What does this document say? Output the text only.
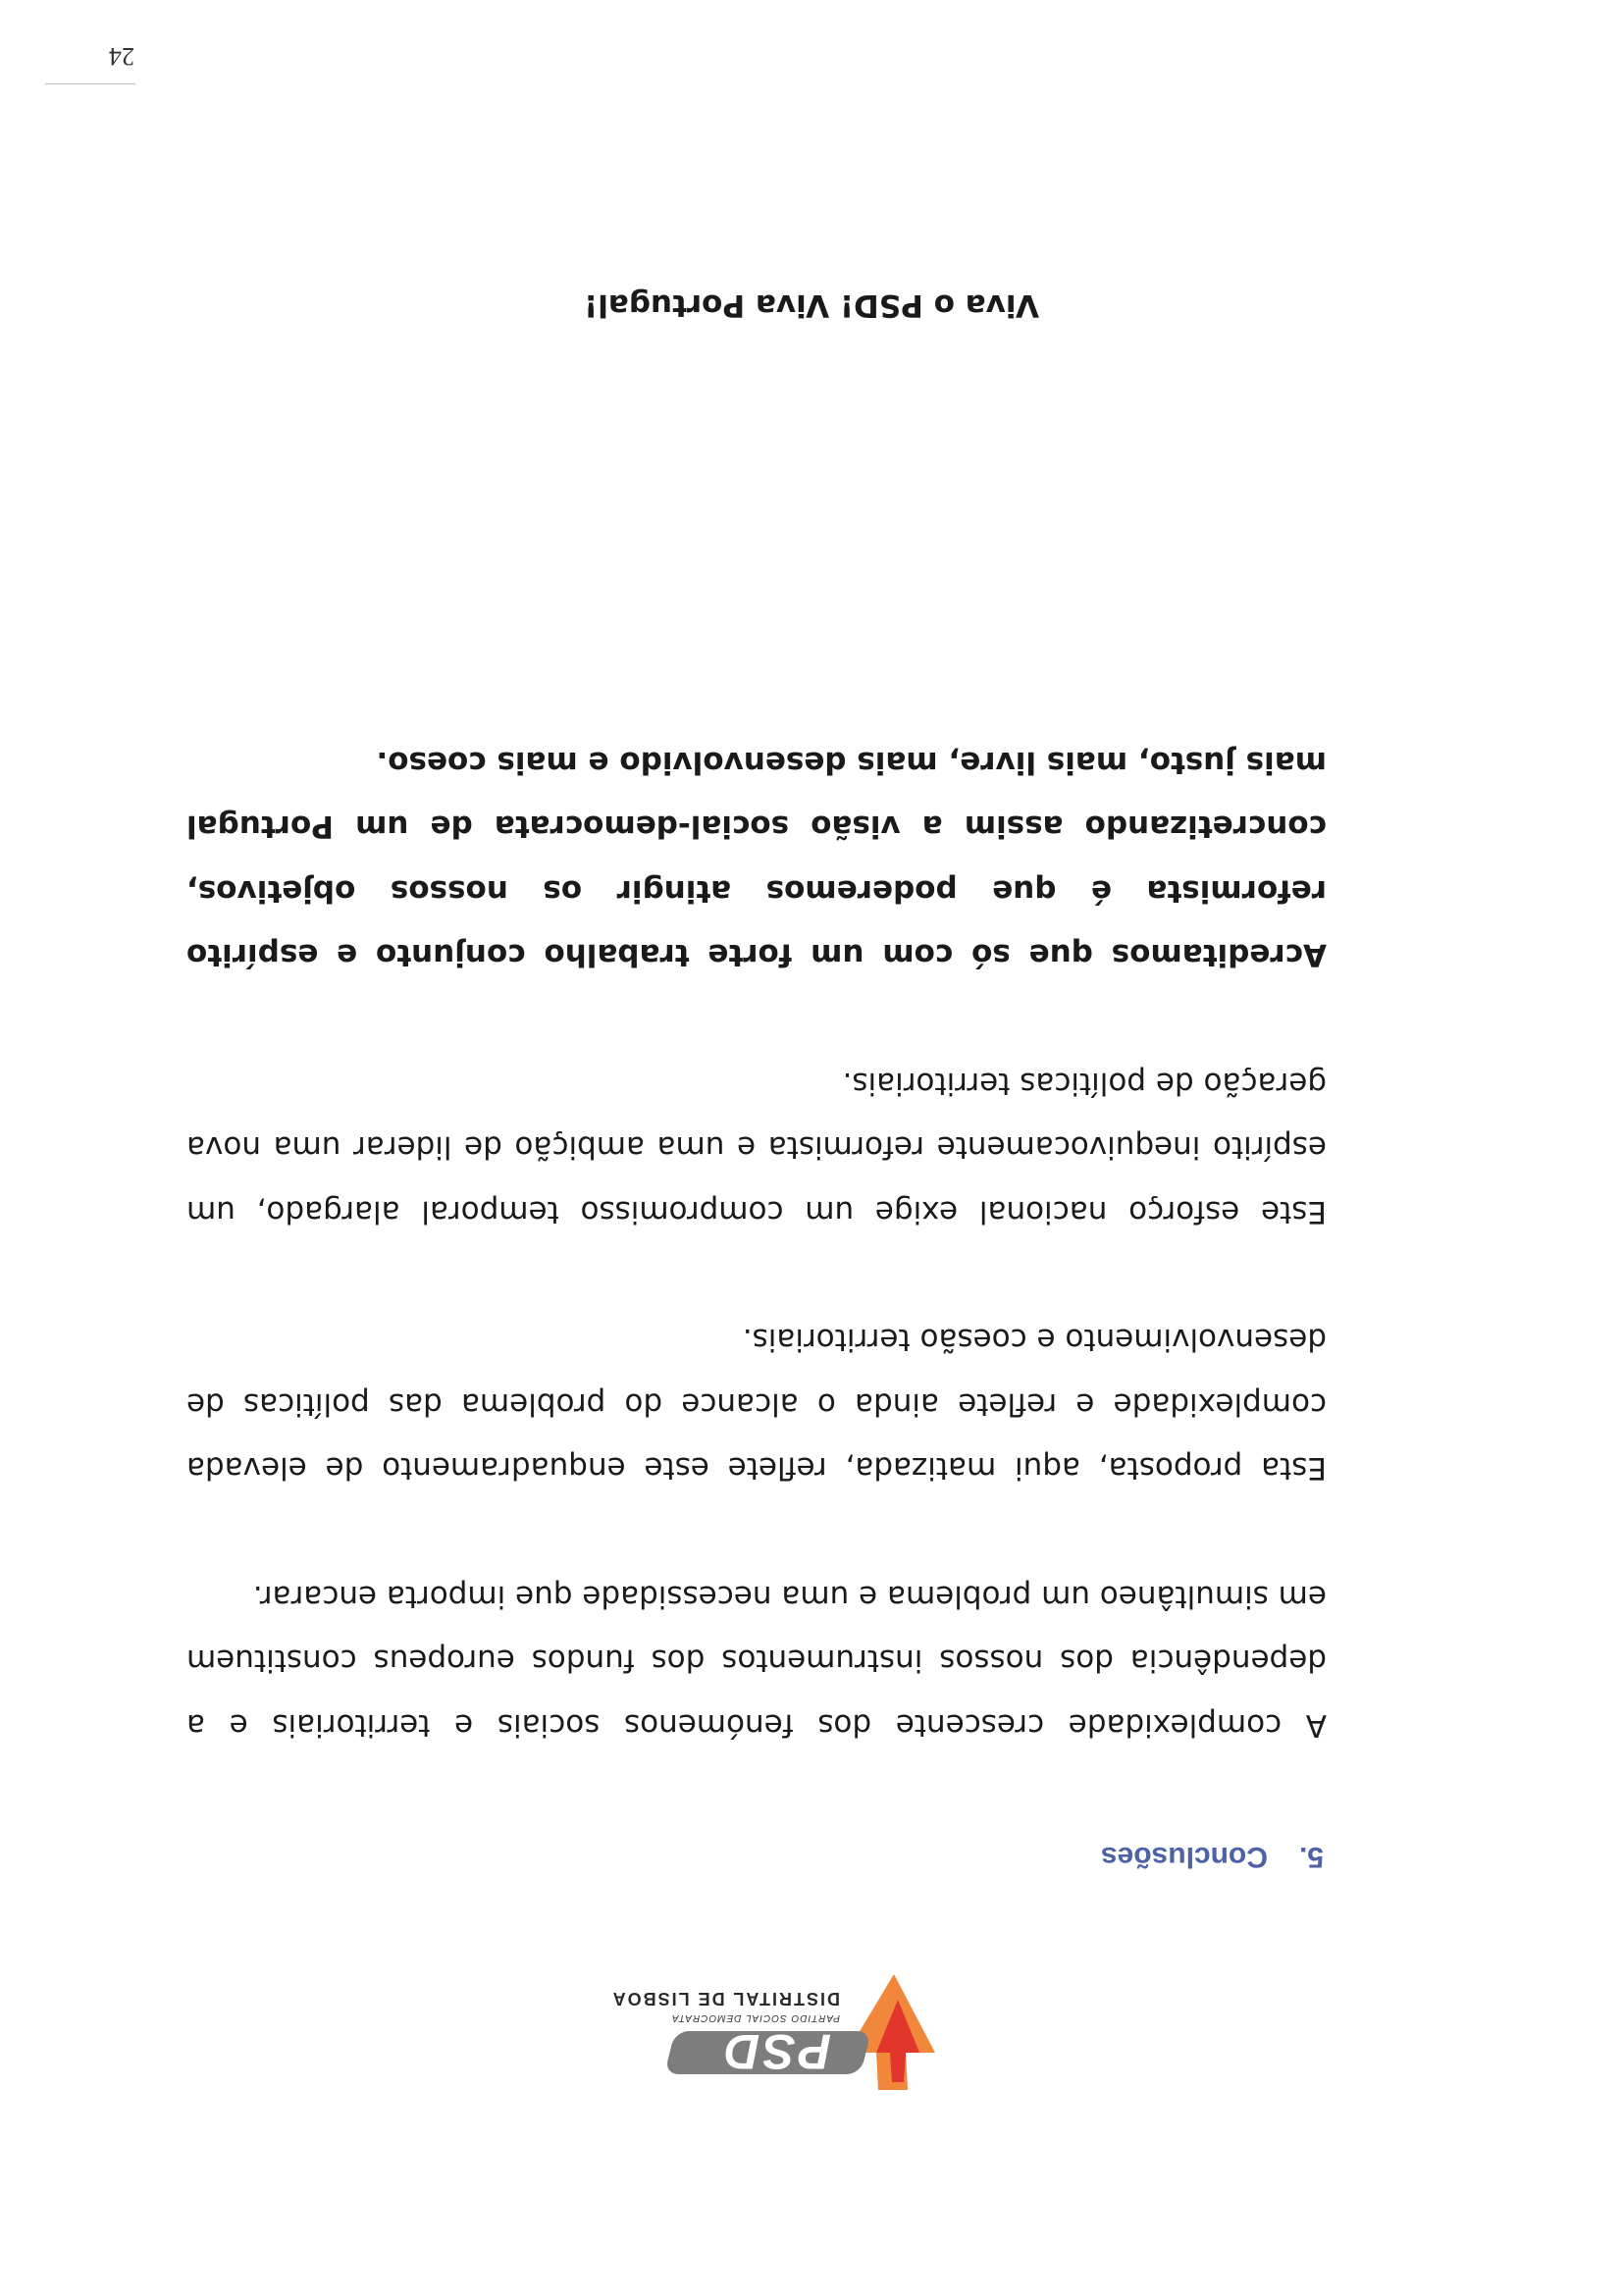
PSD
PARTIDO SOCIAL DEMOCRATA
DISTRITAL DE LISBOA
5.Conclusões

A complexidade crescente dos fenómenos sociais e territoriais e a dependência dos nossos instrumentos dos fundos europeus constituem em simultâneo um problema e uma necessidade que importa encarar.

Esta proposta, aqui matizada, reflete este enquadramento de elevada complexidade e reflete ainda o alcance do problema das políticas de desenvolvimento e coesão territoriais.

Este esforço nacional exige um compromisso temporal alargado, um espírito inequivocamente reformista e uma ambição de liderar uma nova geração de políticas territoriais.

Acreditamos que só com um forte trabalho conjunto e espírito reformista é que poderemos atingir os nossos objetivos, concretizando assim a visão social-democrata de um Portugal mais justo, mais livre, mais desenvolvido e mais coeso.

Viva o PSD! Viva Portugal!
24
